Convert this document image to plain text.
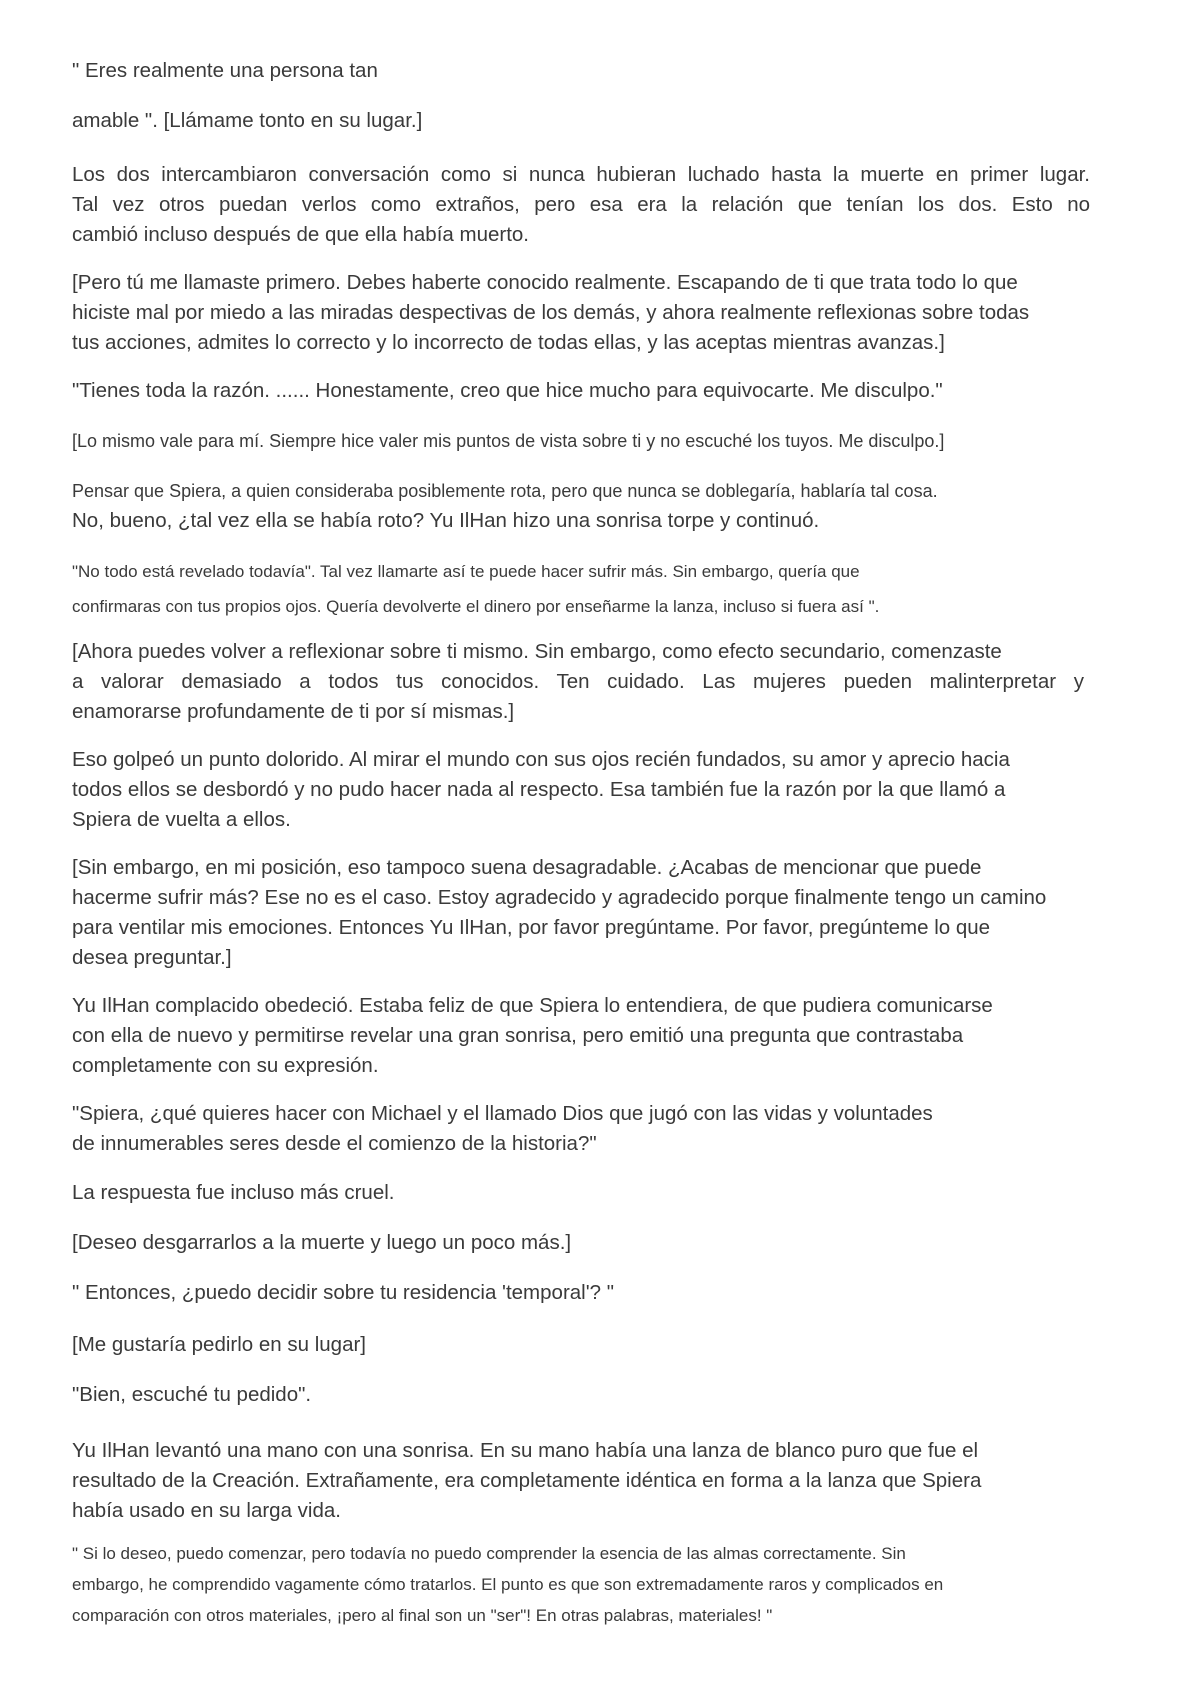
" Eres realmente una persona tan

amable ". [Llámame tonto en su lugar.]

Los dos intercambiaron conversación como si nunca hubieran luchado hasta la muerte en primer lugar.
Tal vez otros puedan verlos como extraños, pero esa era la relación que tenían los dos. Esto no
cambió incluso después de que ella había muerto.

[Pero tú me llamaste primero. Debes haberte conocido realmente. Escapando de ti que trata todo lo que
hiciste mal por miedo a las miradas despectivas de los demás, y ahora realmente reflexionas sobre todas
tus acciones, admites lo correcto y lo incorrecto de todas ellas, y las aceptas mientras avanzas.]

"Tienes toda la razón. ...... Honestamente, creo que hice mucho para equivocarte. Me disculpo."

[Lo mismo vale para mí. Siempre hice valer mis puntos de vista sobre ti y no escuché los tuyos. Me disculpo.]

Pensar que Spiera, a quien consideraba posiblemente rota, pero que nunca se doblegaría, hablaría tal cosa.

No, bueno, ¿tal vez ella se había roto? Yu IlHan hizo una sonrisa torpe y continuó.

"No todo está revelado todavía". Tal vez llamarte así te puede hacer sufrir más. Sin embargo, quería que
confirmaras con tus propios ojos. Quería devolverte el dinero por enseñarme la lanza, incluso si fuera así ".

[Ahora puedes volver a reflexionar sobre ti mismo. Sin embargo, como efecto secundario, comenzaste
a valorar demasiado a todos tus conocidos. Ten cuidado. Las mujeres pueden malinterpretar y
enamorarse profundamente de ti por sí mismas.]

Eso golpeó un punto dolorido. Al mirar el mundo con sus ojos recién fundados, su amor y aprecio hacia
todos ellos se desbordó y no pudo hacer nada al respecto. Esa también fue la razón por la que llamó a
Spiera de vuelta a ellos.

[Sin embargo, en mi posición, eso tampoco suena desagradable. ¿Acabas de mencionar que puede
hacerme sufrir más? Ese no es el caso. Estoy agradecido y agradecido porque finalmente tengo un camino
para ventilar mis emociones. Entonces Yu IlHan, por favor pregúntame. Por favor, pregúnteme lo que
desea preguntar.]

Yu IlHan complacido obedeció. Estaba feliz de que Spiera lo entendiera, de que pudiera comunicarse
con ella de nuevo y permitirse revelar una gran sonrisa, pero emitió una pregunta que contrastaba
completamente con su expresión.

"Spiera, ¿qué quieres hacer con Michael y el llamado Dios que jugó con las vidas y voluntades
de innumerables seres desde el comienzo de la historia?"

La respuesta fue incluso más cruel.

[Deseo desgarrarlos a la muerte y luego un poco más.]

" Entonces, ¿puedo decidir sobre tu residencia 'temporal'? "

[Me gustaría pedirlo en su lugar]

"Bien, escuché tu pedido".

Yu IlHan levantó una mano con una sonrisa. En su mano había una lanza de blanco puro que fue el
resultado de la Creación. Extrañamente, era completamente idéntica en forma a la lanza que Spiera
había usado en su larga vida.

" Si lo deseo, puedo comenzar, pero todavía no puedo comprender la esencia de las almas correctamente. Sin
embargo, he comprendido vagamente cómo tratarlos. El punto es que son extremadamente raros y complicados en
comparación con otros materiales, ¡pero al final son un "ser"! En otras palabras, materiales! "
